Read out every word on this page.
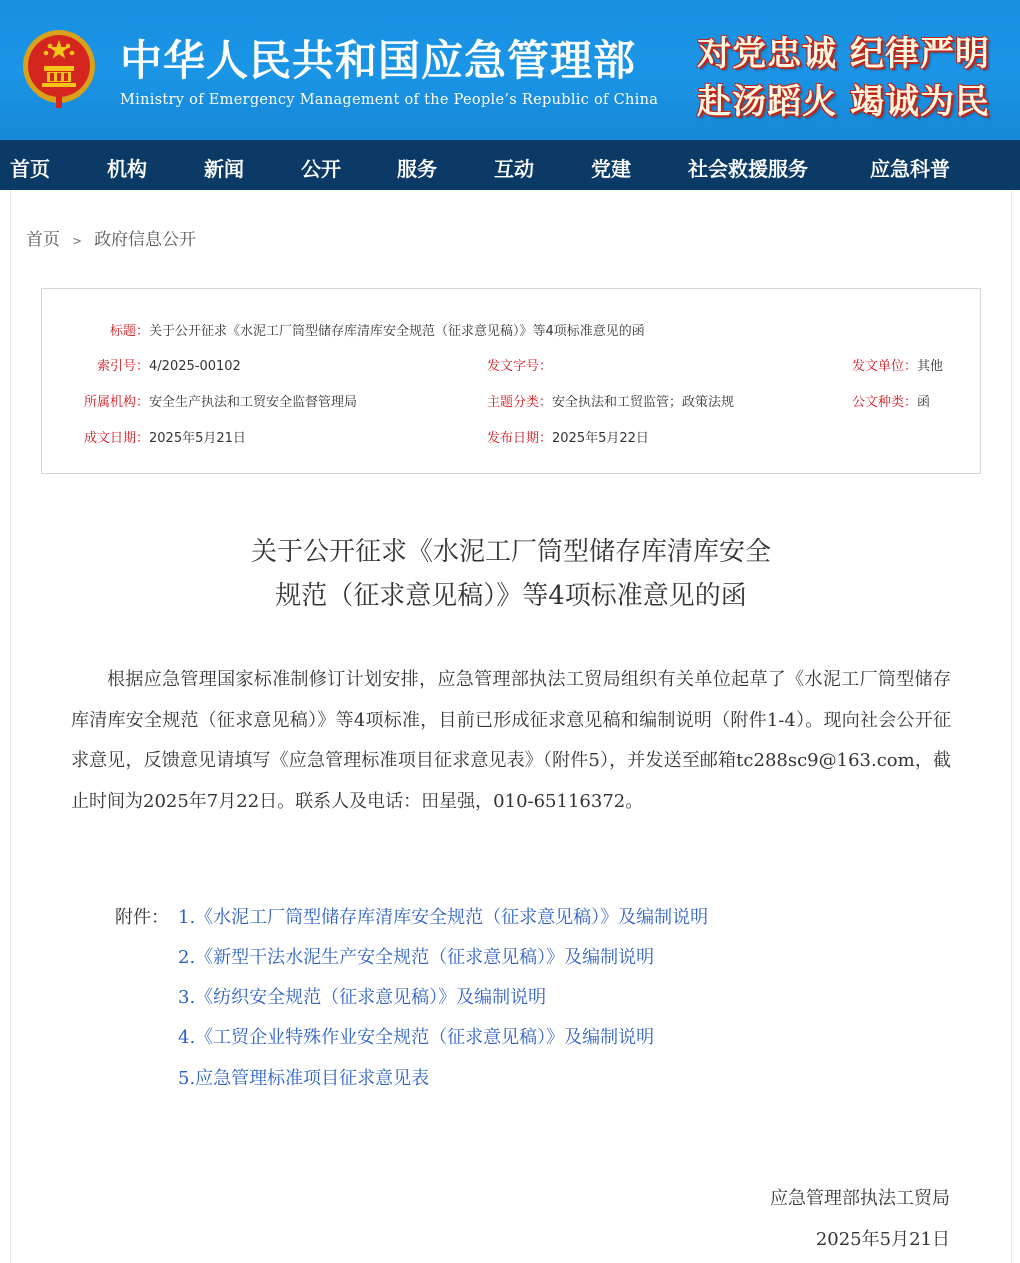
中华人民共和国应急管理部
Ministry of Emergency Management of the People’s Republic of China
对党忠诚 纪律严明
赴汤蹈火 竭诚为民
首页	机构	新闻	公开	服务	互动	党建	社会救援服务	应急科普
首页 > 政府信息公开
标题：关于公开征求《水泥工厂筒型储存库清库安全规范（征求意见稿）》等4项标准意见的函
索引号：4/2025-00102	发文字号：	发文单位：其他
所属机构：安全生产执法和工贸安全监督管理局	主题分类：安全执法和工贸监管；政策法规	公文种类：函
成文日期：2025年5月21日	发布日期：2025年5月22日
关于公开征求《水泥工厂筒型储存库清库安全
规范（征求意见稿）》等4项标准意见的函
根据应急管理国家标准制修订计划安排，应急管理部执法工贸局组织有关单位起草了《水泥工厂筒型储存库清库安全规范（征求意见稿）》等4项标准，目前已形成征求意见稿和编制说明（附件1-4）。现向社会公开征求意见，反馈意见请填写《应急管理标准项目征求意见表》（附件5），并发送至邮箱tc288sc9@163.com，截止时间为2025年7月22日。联系人及电话：田星强，010-65116372。
附件： 1.《水泥工厂筒型储存库清库安全规范（征求意见稿）》及编制说明
2.《新型干法水泥生产安全规范（征求意见稿）》及编制说明
3.《纺织安全规范（征求意见稿）》及编制说明
4.《工贸企业特殊作业安全规范（征求意见稿）》及编制说明
5.应急管理标准项目征求意见表
应急管理部执法工贸局
2025年5月21日
